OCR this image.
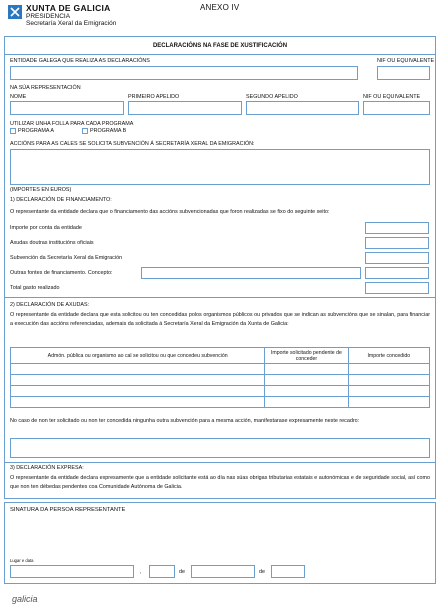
XUNTA DE GALICIA
PRESIDENCIA
Secretaría Xeral da Emigración
ANEXO IV
DECLARACIÓNS NA FASE DE XUSTIFICACIÓN
ENTIDADE GALEGA QUE REALIZA AS DECLARACIÓNS	NIF OU EQUIVALENTE
NA SÚA REPRESENTACIÓN
NOME	PRIMEIRO APELIDO	SEGUNDO APELIDO	NIF OU EQUIVALENTE
UTILIZAR UNHA FOLLA PARA CADA PROGRAMA
PROGRAMA A	PROGRAMA B
ACCIÓNS PARA AS CALES SE SOLICITA SUBVENCIÓN Á SECRETARÍA XERAL DA EMIGRACIÓN:
(IMPORTES EN EUROS)
1) DECLARACIÓN DE FINANCIAMENTO:
O representante da entidade declara que o financiamento das accións subvencionadas que foron realizadas se fixo do seguinte xeito:
Importe por conta da entidade
Axudas doutras institucións oficiais
Subvención da Secretaría Xeral da Emigración
Outras fontes de financiamento. Concepto:
Total gasto realizado
2) DECLARACIÓN DE AXUDAS:
O representante da entidade declara que esta solicitou ou ten concedidas polos organismos públicos ou privados que se indican as subvencións que se sinalan, para financiar a execución das accións referenciadas, ademais da solicitada á Secretaría Xeral da Emigración da Xunta de Galicia:
Admón. pública ou organismo ao cal se solicitou ou que concedeu subvención	Importe solicitado pendente de conceder	Importe concedido

No caso de non ter solicitado ou non ter concedida ningunha outra subvención para a mesma acción, manifestarase expresamente neste recadro:
3) DECLARACIÓN EXPRESA:
O representante da entidade declara expresamente que a entidade solicitante está ao día nas súas obrigas tributarias estatais e autonómicas e de seguridade social, así como que non ten débedas pendentes coa Comunidade Autónoma de Galicia.
SINATURA DA PERSOA REPRESENTANTE
Lugar e data
,	de	de
galicia
